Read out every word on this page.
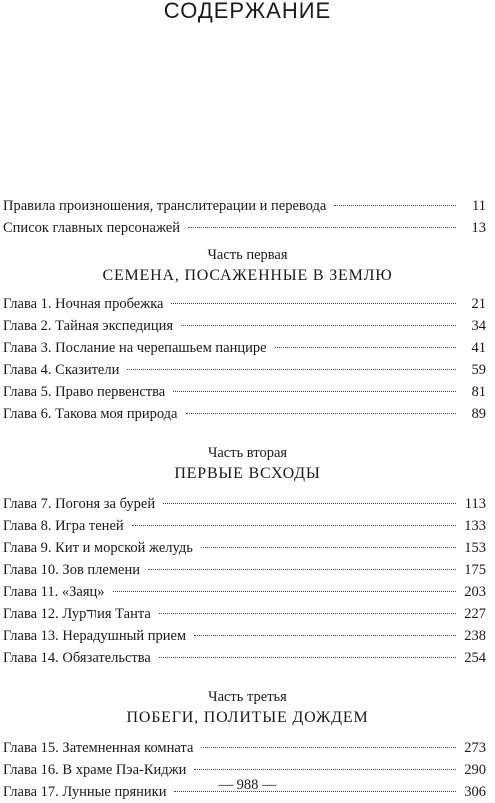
СОДЕРЖАНИЕ
Правила произношения, транслитерации и перевода	11
Список главных персонажей	13
Часть первая
СЕМЕНА, ПОСАЖЕННЫЕ В ЗЕМЛЮ
Глава 1. Ночная пробежка	21
Глава 2. Тайная экспедиция	34
Глава 3. Послание на черепашьем панцире	41
Глава 4. Сказители	59
Глава 5. Право первенства	81
Глава 6. Такова моя природа	89
Часть вторая
ПЕРВЫЕ ВСХОДЫ
Глава 7. Погоня за бурей	113
Глава 8. Игра теней	133
Глава 9. Кит и морской желудь	153
Глава 10. Зов племени	175
Глава 11. «Заяц»	203
Глава 12. Лурודия Танта	227
Глава 13. Нерадушный прием	238
Глава 14. Обязательства	254
Часть третья
ПОБЕГИ, ПОЛИТЫЕ ДОЖДЕМ
Глава 15. Затемненная комната	273
Глава 16. В храме Пэа-Киджи	290
Глава 17. Лунные пряники	306
— 988 —
